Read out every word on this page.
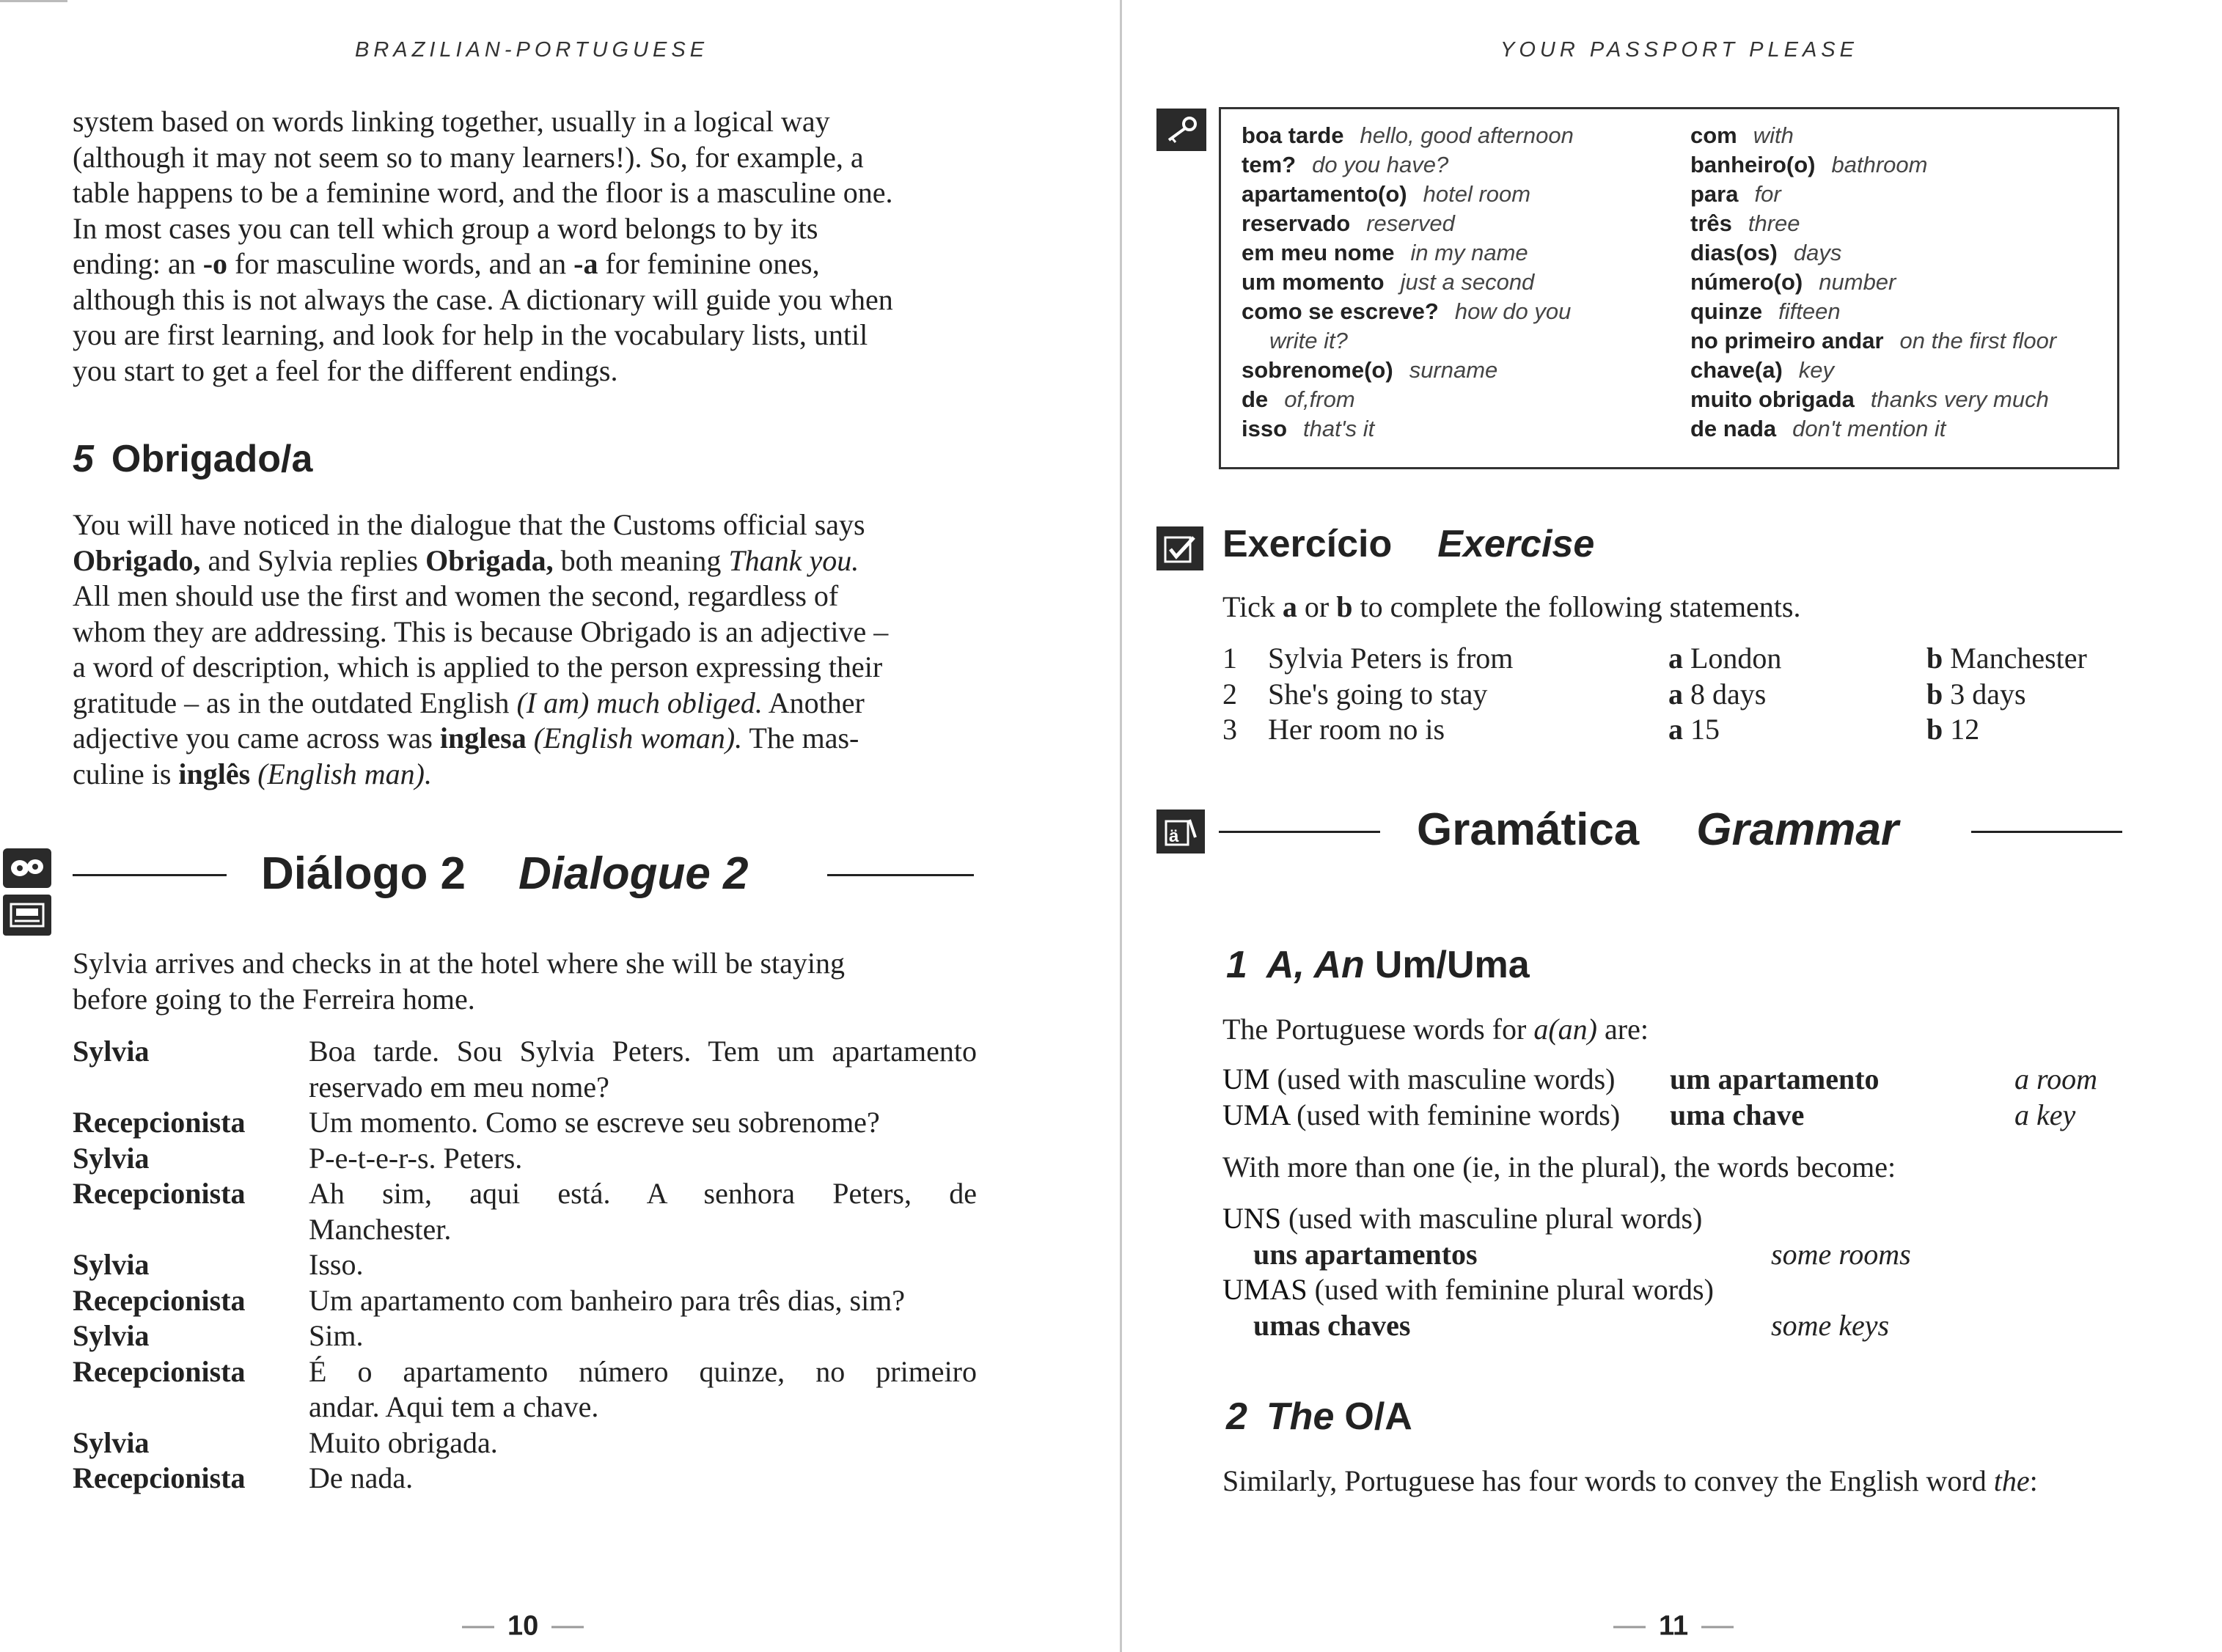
BRAZILIAN-PORTUGUESE
system based on words linking together, usually in a logical way
(although it may not seem so to many learners!). So, for example, a
table happens to be a feminine word, and the floor is a masculine one.
In most cases you can tell which group a word belongs to by its
ending: an -o for masculine words, and an -a for feminine ones,
although this is not always the case. A dictionary will guide you when
you are first learning, and look for help in the vocabulary lists, until
you start to get a feel for the different endings.
5 Obrigado/a
You will have noticed in the dialogue that the Customs official says
Obrigado, and Sylvia replies Obrigada, both meaning Thank you.
All men should use the first and women the second, regardless of
whom they are addressing. This is because Obrigado is an adjective –
a word of description, which is applied to the person expressing their
gratitude – as in the outdated English (I am) much obliged. Another
adjective you came across was inglesa (English woman). The mas-
culine is inglês (English man).
Diálogo 2 Dialogue 2
Sylvia arrives and checks in at the hotel where she will be staying
before going to the Ferreira home.
Sylvia	Boa tarde. Sou Sylvia Peters. Tem um apartamento
reservado em meu nome?
Recepcionista	Um momento. Como se escreve seu sobrenome?
Sylvia	P-e-t-e-r-s. Peters.
Recepcionista	Ah sim, aqui está. A senhora Peters, de
Manchester.
Sylvia	Isso.
Recepcionista	Um apartamento com banheiro para três dias, sim?
Sylvia	Sim.
Recepcionista	É o apartamento número quinze, no primeiro
andar. Aqui tem a chave.
Sylvia	Muito obrigada.
Recepcionista	De nada.
10
YOUR PASSPORT PLEASE
boa tarde hello, good afternoon
tem? do you have?
apartamento(o) hotel room
reservado reserved
em meu nome in my name
um momento just a second
como se escreve? how do you
write it?
sobrenome(o) surname
de of,from
isso that's it
com with
banheiro(o) bathroom
para for
três three
dias(os) days
número(o) number
quinze fifteen
no primeiro andar on the first floor
chave(a) key
muito obrigada thanks very much
de nada don't mention it
Exercício Exercise
Tick a or b to complete the following statements.
1	Sylvia Peters is from	a London	b Manchester
2	She's going to stay	a 8 days	b 3 days
3	Her room no is	a 15	b 12
ä	Gramática Grammar
1 A, An Um/Uma
The Portuguese words for a(an) are:
UM (used with masculine words)	um apartamento	a room
UMA (used with feminine words)	uma chave	a key
With more than one (ie, in the plural), the words become:
UNS (used with masculine plural words)
uns apartamentos	some rooms
UMAS (used with feminine plural words)
umas chaves	some keys
2 The O/A
Similarly, Portuguese has four words to convey the English word the:
11
